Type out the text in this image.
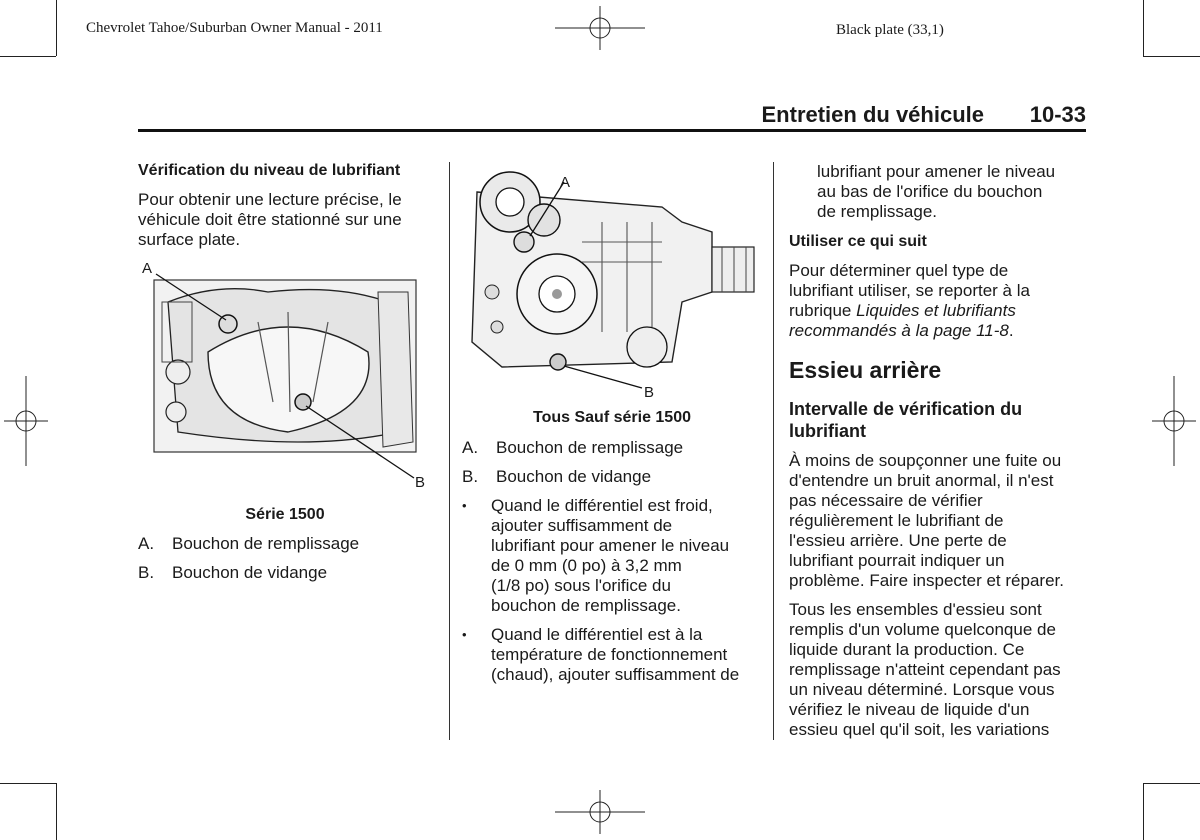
Chevrolet Tahoe/Suburban Owner Manual - 2011	Black plate (33,1)
Entretien du véhicule 10-33
Vérification du niveau de lubrifiant
Pour obtenir une lecture précise, le
véhicule doit être stationné sur une
surface plate.
A
B
Série 1500
A. Bouchon de remplissage
B. Bouchon de vidange
A
B
Tous Sauf série 1500
A. Bouchon de remplissage
B. Bouchon de vidange
• Quand le différentiel est froid,
ajouter suffisamment de
lubrifiant pour amener le niveau
de 0 mm (0 po) à 3,2 mm
(1/8 po) sous l'orifice du
bouchon de remplissage.
• Quand le différentiel est à la
température de fonctionnement
(chaud), ajouter suffisamment de
lubrifiant pour amener le niveau
au bas de l'orifice du bouchon
de remplissage.
Utiliser ce qui suit
Pour déterminer quel type de
lubrifiant utiliser, se reporter à la
rubrique Liquides et lubrifiants
recommandés à la page 11-8.
Essieu arrière
Intervalle de vérification du
lubrifiant
À moins de soupçonner une fuite ou
d'entendre un bruit anormal, il n'est
pas nécessaire de vérifier
régulièrement le lubrifiant de
l'essieu arrière. Une perte de
lubrifiant pourrait indiquer un
problème. Faire inspecter et réparer.
Tous les ensembles d'essieu sont
remplis d'un volume quelconque de
liquide durant la production. Ce
remplissage n'atteint cependant pas
un niveau déterminé. Lorsque vous
vérifiez le niveau de liquide d'un
essieu quel qu'il soit, les variations
